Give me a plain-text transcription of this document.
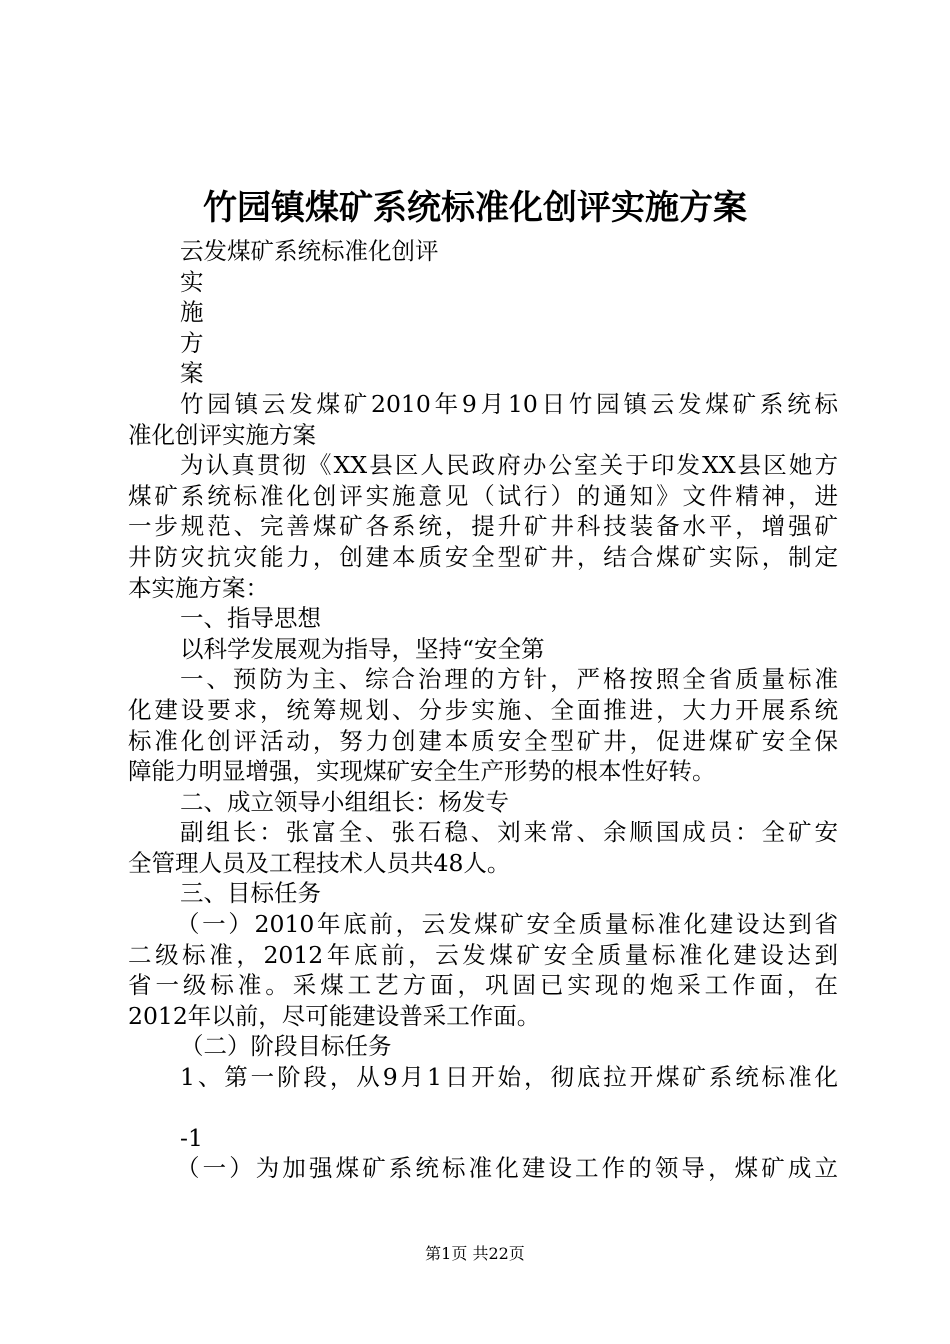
竹园镇煤矿系统标准化创评实施方案
云发煤矿系统标准化创评
实
施
方
案
竹园镇云发煤矿2010年9月10日竹园镇云发煤矿系统标
准化创评实施方案
为认真贯彻《XX县区人民政府办公室关于印发XX县区她方
煤矿系统标准化创评实施意见（试行）的通知》文件精神，进
一步规范、完善煤矿各系统，提升矿井科技装备水平，增强矿
井防灾抗灾能力，创建本质安全型矿井，结合煤矿实际，制定
本实施方案：
一、指导思想
以科学发展观为指导，坚持“安全第
一、预防为主、综合治理的方针，严格按照全省质量标准
化建设要求，统筹规划、分步实施、全面推进，大力开展系统
标准化创评活动，努力创建本质安全型矿井，促进煤矿安全保
障能力明显增强，实现煤矿安全生产形势的根本性好转。
二、成立领导小组组长：杨发专
副组长：张富全、张石稳、刘来常、余顺国成员：全矿安
全管理人员及工程技术人员共48人。
三、目标任务
（一）2010年底前，云发煤矿安全质量标准化建设达到省
二级标准，2012年底前，云发煤矿安全质量标准化建设达到
省一级标准。采煤工艺方面，巩固已实现的炮采工作面，在
2012年以前，尽可能建设普采工作面。
（二）阶段目标任务
1、第一阶段，从9月1日开始，彻底拉开煤矿系统标准化
-1
（一）为加强煤矿系统标准化建设工作的领导，煤矿成立
第1页 共22页
